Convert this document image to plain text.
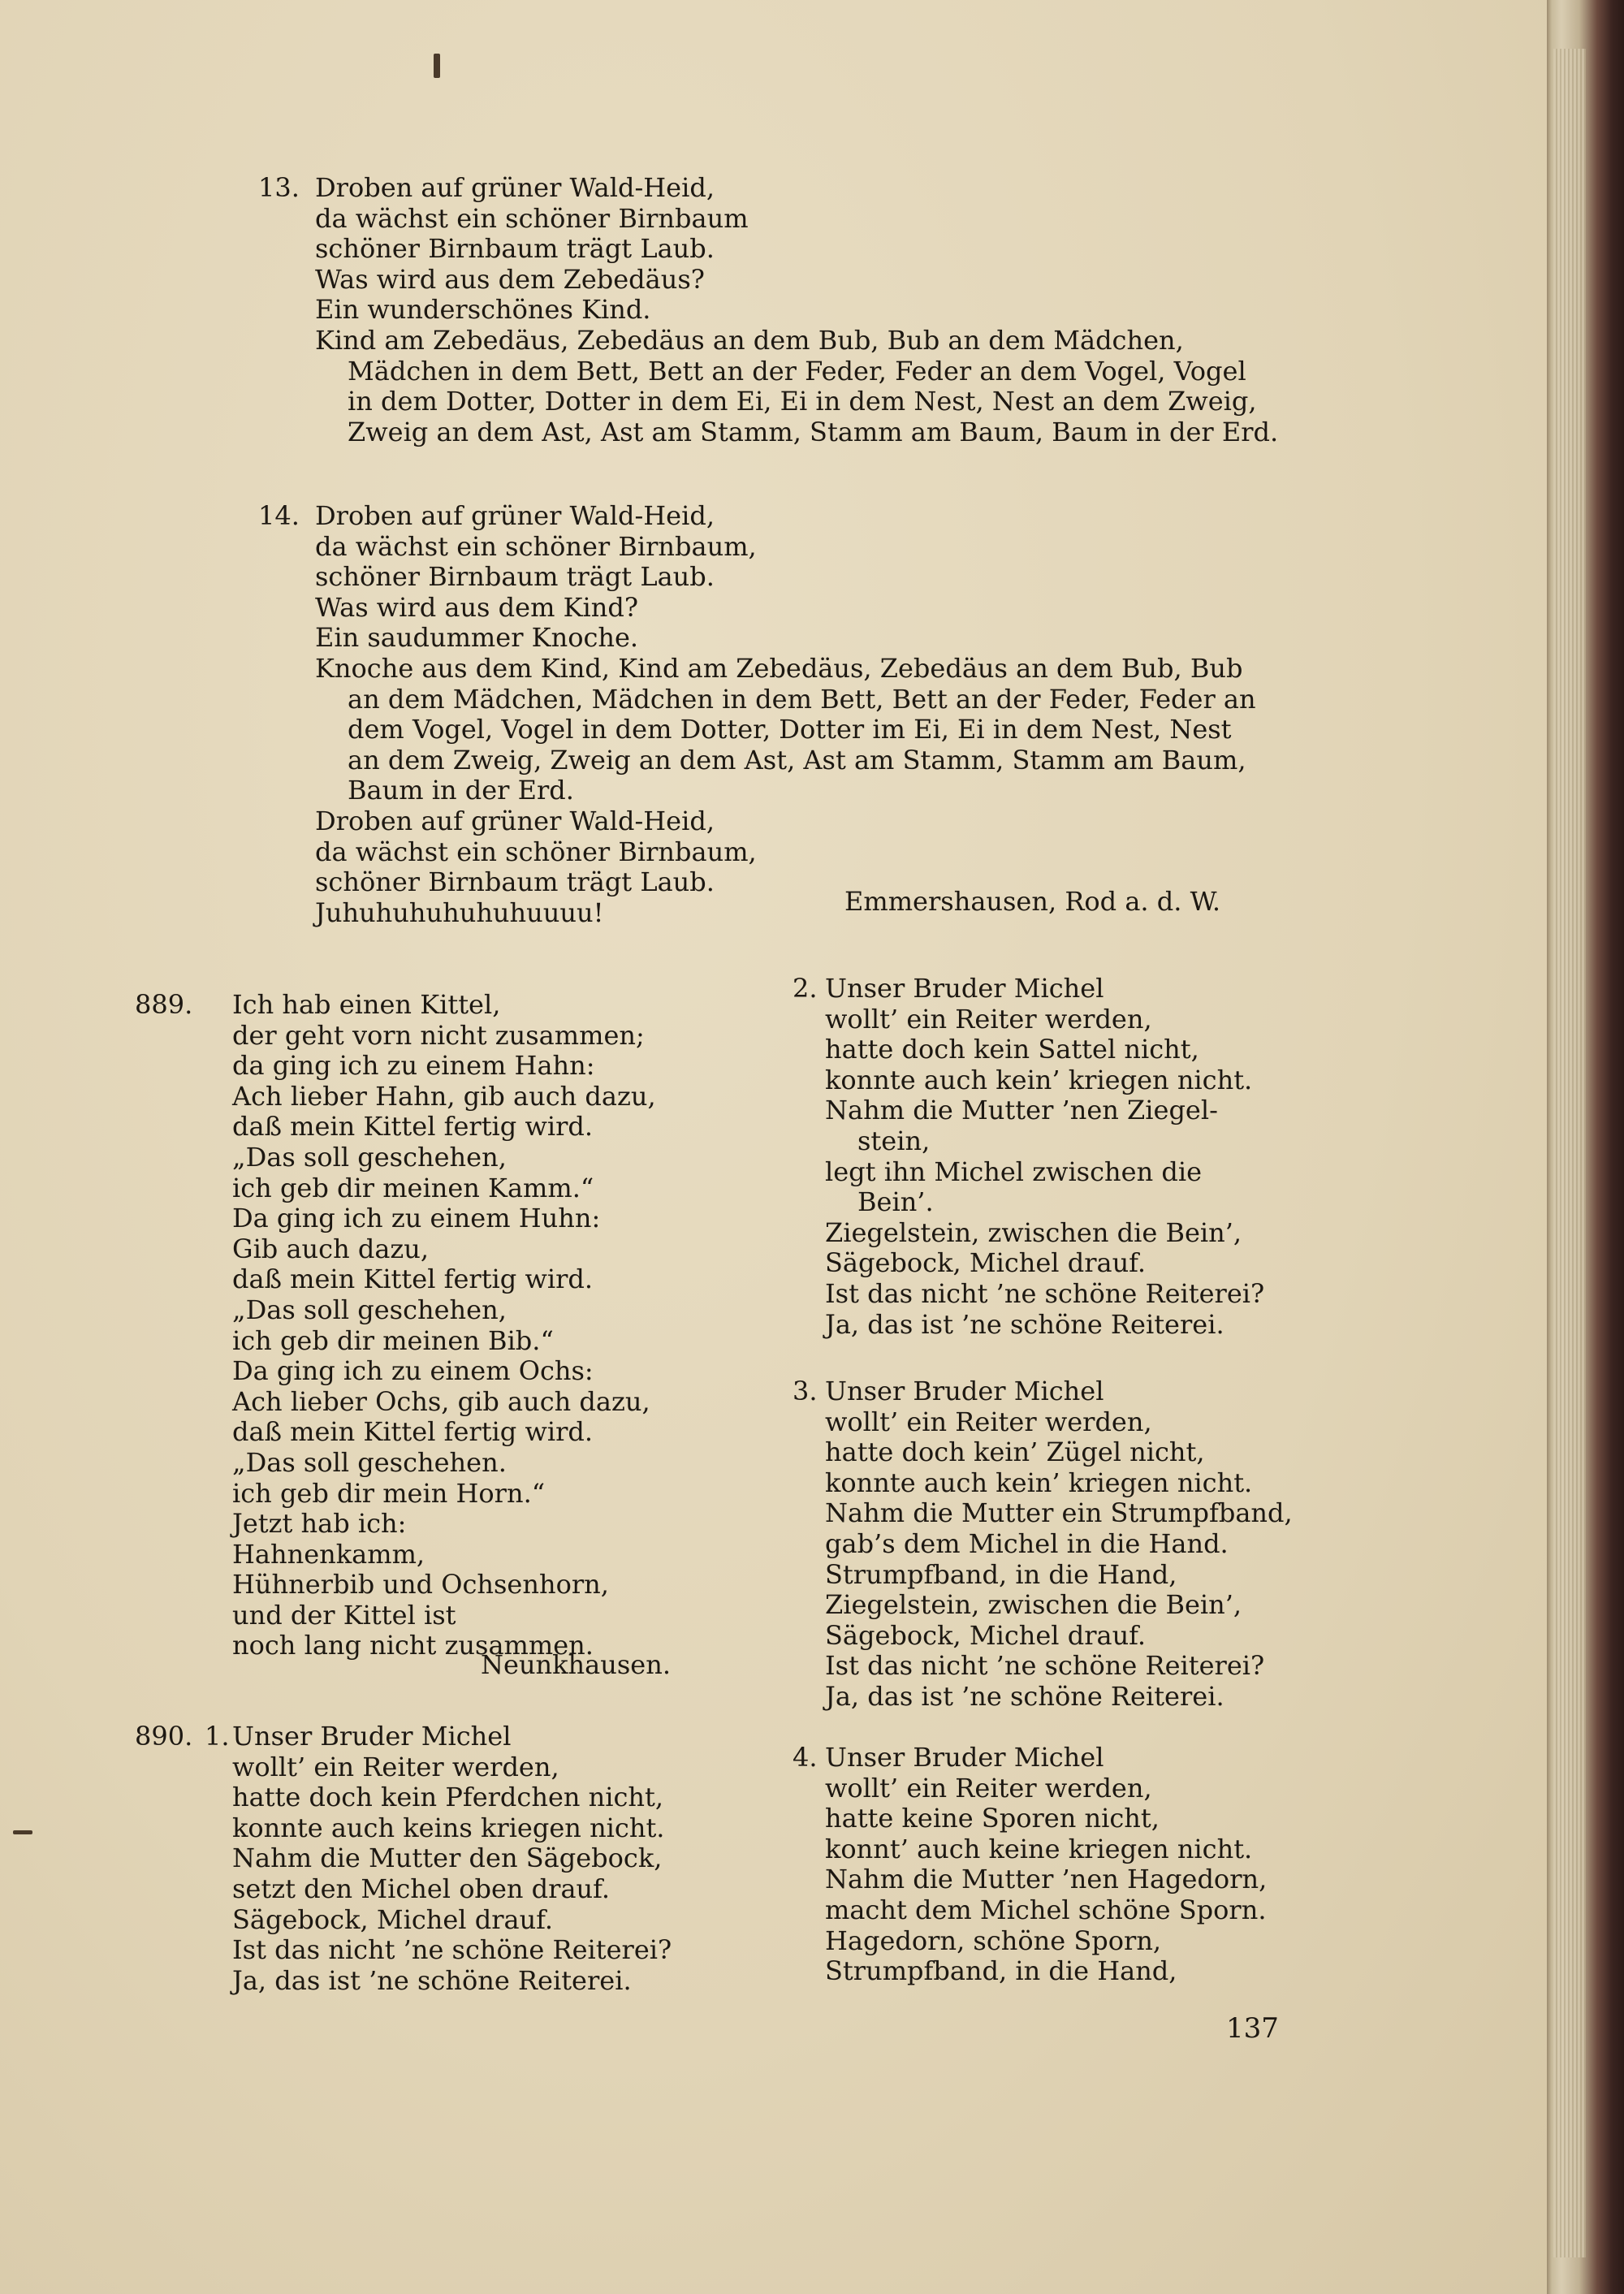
13. Droben auf grüner Wald-Heid,
da wächst ein schöner Birnbaum
schöner Birnbaum trägt Laub.
Was wird aus dem Zebedäus?
Ein wunderschönes Kind.
Kind am Zebedäus, Zebedäus an dem Bub, Bub an dem Mädchen,
Mädchen in dem Bett, Bett an der Feder, Feder an dem Vogel, Vogel
in dem Dotter, Dotter in dem Ei, Ei in dem Nest, Nest an dem Zweig,
Zweig an dem Ast, Ast am Stamm, Stamm am Baum, Baum in der Erd.
14. Droben auf grüner Wald-Heid,
da wächst ein schöner Birnbaum,
schöner Birnbaum trägt Laub.
Was wird aus dem Kind?
Ein saudummer Knoche.
Knoche aus dem Kind, Kind am Zebedäus, Zebedäus an dem Bub, Bub
an dem Mädchen, Mädchen in dem Bett, Bett an der Feder, Feder an
dem Vogel, Vogel in dem Dotter, Dotter im Ei, Ei in dem Nest, Nest
an dem Zweig, Zweig an dem Ast, Ast am Stamm, Stamm am Baum,
Baum in der Erd.
Droben auf grüner Wald-Heid,
da wächst ein schöner Birnbaum,
schöner Birnbaum trägt Laub.
Juhuhuhuhuhuhuuuu!	Emmershausen, Rod a. d. W.
889. Ich hab einen Kittel,
der geht vorn nicht zusammen;
da ging ich zu einem Hahn:
Ach lieber Hahn, gib auch dazu,
daß mein Kittel fertig wird.
„Das soll geschehen,
ich geb dir meinen Kamm.“
Da ging ich zu einem Huhn:
Gib auch dazu,
daß mein Kittel fertig wird.
„Das soll geschehen,
ich geb dir meinen Bib.“
Da ging ich zu einem Ochs:
Ach lieber Ochs, gib auch dazu,
daß mein Kittel fertig wird.
„Das soll geschehen.
ich geb dir mein Horn.“
Jetzt hab ich:
Hahnenkamm,
Hühnerbib und Ochsenhorn,
und der Kittel ist
noch lang nicht zusammen.
Neunkhausen.
890. 1. Unser Bruder Michel
wollt’ ein Reiter werden,
hatte doch kein Pferdchen nicht,
konnte auch keins kriegen nicht.
Nahm die Mutter den Sägebock,
setzt den Michel oben drauf.
Sägebock, Michel drauf.
Ist das nicht ’ne schöne Reiterei?
Ja, das ist ’ne schöne Reiterei.
2. Unser Bruder Michel
wollt’ ein Reiter werden,
hatte doch kein Sattel nicht,
konnte auch kein’ kriegen nicht.
Nahm die Mutter ’nen Ziegel-
stein,
legt ihn Michel zwischen die
Bein’.
Ziegelstein, zwischen die Bein’,
Sägebock, Michel drauf.
Ist das nicht ’ne schöne Reiterei?
Ja, das ist ’ne schöne Reiterei.
3. Unser Bruder Michel
wollt’ ein Reiter werden,
hatte doch kein’ Zügel nicht,
konnte auch kein’ kriegen nicht.
Nahm die Mutter ein Strumpfband,
gab’s dem Michel in die Hand.
Strumpfband, in die Hand,
Ziegelstein, zwischen die Bein’,
Sägebock, Michel drauf.
Ist das nicht ’ne schöne Reiterei?
Ja, das ist ’ne schöne Reiterei.
4. Unser Bruder Michel
wollt’ ein Reiter werden,
hatte keine Sporen nicht,
konnt’ auch keine kriegen nicht.
Nahm die Mutter ’nen Hagedorn,
macht dem Michel schöne Sporn.
Hagedorn, schöne Sporn,
Strumpfband, in die Hand,
137
